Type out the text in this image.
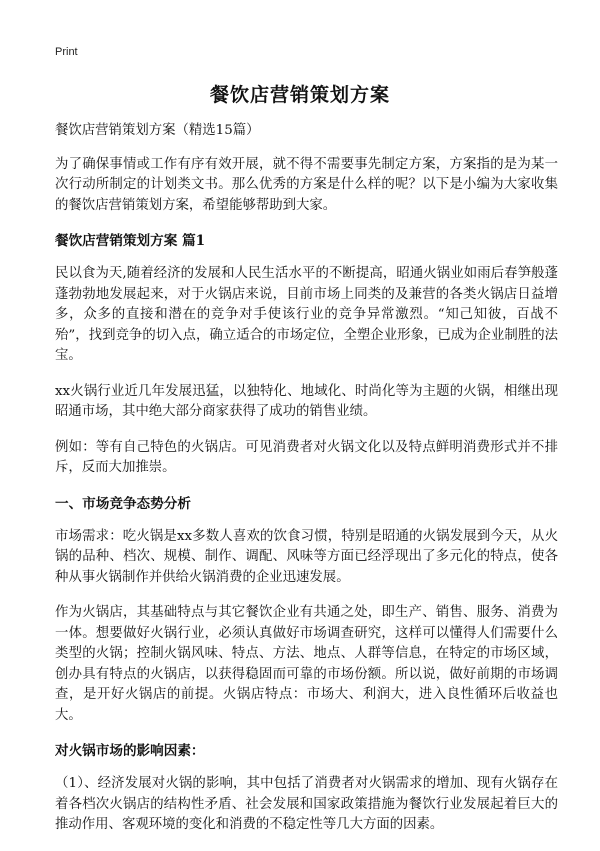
Print
餐饮店营销策划方案

餐饮店营销策划方案（精选15篇）

为了确保事情或工作有序有效开展，就不得不需要事先制定方案，方案指的是为某一次行动所制定的计划类文书。那么优秀的方案是什么样的呢？以下是小编为大家收集的餐饮店营销策划方案，希望能够帮助到大家。

餐饮店营销策划方案 篇1

民以食为天,随着经济的发展和人民生活水平的不断提高，昭通火锅业如雨后春笋般蓬蓬勃勃地发展起来，对于火锅店来说，目前市场上同类的及兼营的各类火锅店日益增多，众多的直接和潜在的竞争对手使该行业的竞争异常激烈。“知己知彼，百战不殆”，找到竞争的切入点，确立适合的市场定位，全塑企业形象，已成为企业制胜的法宝。

xx火锅行业近几年发展迅猛，以独特化、地域化、时尚化等为主题的火锅，相继出现昭通市场，其中绝大部分商家获得了成功的销售业绩。

例如：等有自己特色的火锅店。可见消费者对火锅文化以及特点鲜明消费形式并不排斥，反而大加推崇。

一、市场竞争态势分析

市场需求：吃火锅是xx多数人喜欢的饮食习惯，特别是昭通的火锅发展到今天，从火锅的品种、档次、规模、制作、调配、风味等方面已经浮现出了多元化的特点，使各种从事火锅制作并供给火锅消费的企业迅速发展。

作为火锅店，其基础特点与其它餐饮企业有共通之处，即生产、销售、服务、消费为一体。想要做好火锅行业，必须认真做好市场调查研究，这样可以懂得人们需要什么类型的火锅；控制火锅风味、特点、方法、地点、人群等信息，在特定的市场区域，创办具有特点的火锅店，以获得稳固而可靠的市场份额。所以说，做好前期的市场调查，是开好火锅店的前提。火锅店特点：市场大、利润大，进入良性循环后收益也大。

对火锅市场的影响因素：

（1）、经济发展对火锅的影响，其中包括了消费者对火锅需求的增加、现有火锅存在着各档次火锅店的结构性矛盾、社会发展和国家政策措施为餐饮行业发展起着巨大的推动作用、客观环境的变化和消费的不稳定性等几大方面的因素。
